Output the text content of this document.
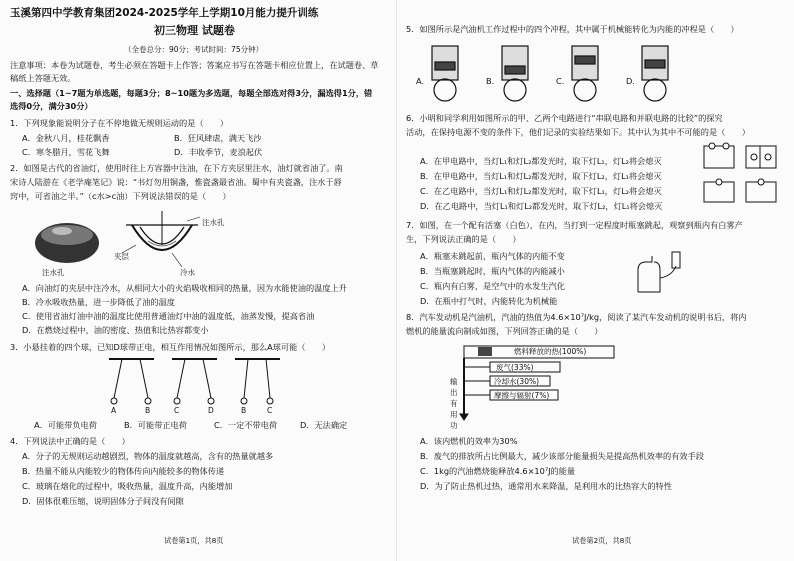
玉溪第四中学教育集团2024-2025学年上学期10月能力提升训练
初三物理 试题卷
（全卷总分：90分；考试时间：75分钟）
注意事项：本卷为试题卷，考生必须在答题卡上作答；答案应书写在答题卡相应位置上，在试题卷、草
稿纸上答题无效。
一、选择题（1~7题为单选题，每题3分；8~10题为多选题，每题全部选对得3分，漏选得1分，错
选得0分，满分30分）
1．下列现象能说明分子在不停地做无规则运动的是（　　）
A．金秋八月，桂花飘香	B．狂风肆虐，满天飞沙
C．寒冬腊月，雪花飞舞	D．丰收季节，麦浪起伏
2．如图是古代的省油灯，使用时往上方容器中注油，在下方夹层里注水，油灯就省油了。南
宋诗人陆游在《老学庵笔记》说：“书灯勿用铜盏，惟瓷盏最省油。蜀中有夹瓷盏，注水于唇
窍中，可省油之半。”（c水>c油）下列说法错误的是（　　）
注水孔
夹层
冷水
注水孔
A．向油灯的夹层中注冷水，从相同大小的火焰吸收相同的热量，因为水能使油的温度上升
B．冷水吸收热量，进一步降低了油的温度
C．使用省油灯油中油的温度比使用普通油灯中油的温度低，油蒸发慢，提高省油
D．在燃烧过程中，油的密度、热值和比热容都变小
3．小悬挂着的四个球，已知D球带正电，相互作用情况如图所示，那么A球可能（　　）
A	B	C	D	B	C
A．可能带负电荷	B．可能带正电荷	C．一定不带电荷	D．无法确定
4．下列说法中正确的是（　　）
A．分子的无规则运动越剧烈，物体的温度就越高，含有的热量就越多
B．热量不能从内能较少的物体传向内能较多的物体传递
C．玻璃在熔化的过程中，吸收热量，温度升高，内能增加
D．固体很难压缩，说明固体分子间没有间隙
试卷第1页，共8页
5．如图所示是汽油机工作过程中的四个冲程，其中属于机械能转化为内能的冲程是（　　）
A.	B.	C.	D.
6．小明和同学利用如图所示的甲、乙两个电路进行“串联电路和并联电路的比较”的探究
活动，在保持电源不变的条件下，他们记录的实验结果如下。其中认为其中不可能的是（　　）
A．在甲电路中，当灯L₁和灯L₂都发光时，取下灯L₁，灯L₂将会熄灭
B．在甲电路中，当灯L₁和灯L₂都发光时，取下灯L₂，灯L₁将会熄灭
C．在乙电路中，当灯L₁和灯L₂都发光时，取下灯L₁，灯L₂将会熄灭
D．在乙电路中，当灯L₁和灯L₂都发光时，取下灯L₂，灯L₁将会熄灭
7．如图，在一个配有活塞（白色），在内，当打到一定程度时瓶塞跳起，观察到瓶内有白雾产
生，下列说法正确的是（　　）
A．瓶塞未跳起前，瓶内气体的内能不变
B．当瓶塞跳起时，瓶内气体的内能减小
C．瓶内有白雾，是空气中的水发生汽化
D．在瓶中打气时，内能转化为机械能
8．汽车发动机是汽油机，汽油的热值为4.6×10⁷J/kg，阅读了某汽车发动机的说明书后，将内
燃机的能量流向制成如图，下列回答正确的是（　　）
燃料释放的热(100%)
废气(33%)
冷却水(30%)
摩擦与辐射(7%)
输出有用功
A．该内燃机的效率为30%
B．废气的排放所占比例最大，减少该部分能量损失是提高热机效率的有效手段
C．1kg的汽油燃烧能释放4.6×10⁷J的能量
D．为了防止热机过热，通常用水来降温，是利用水的比热容大的特性
试卷第2页，共8页
